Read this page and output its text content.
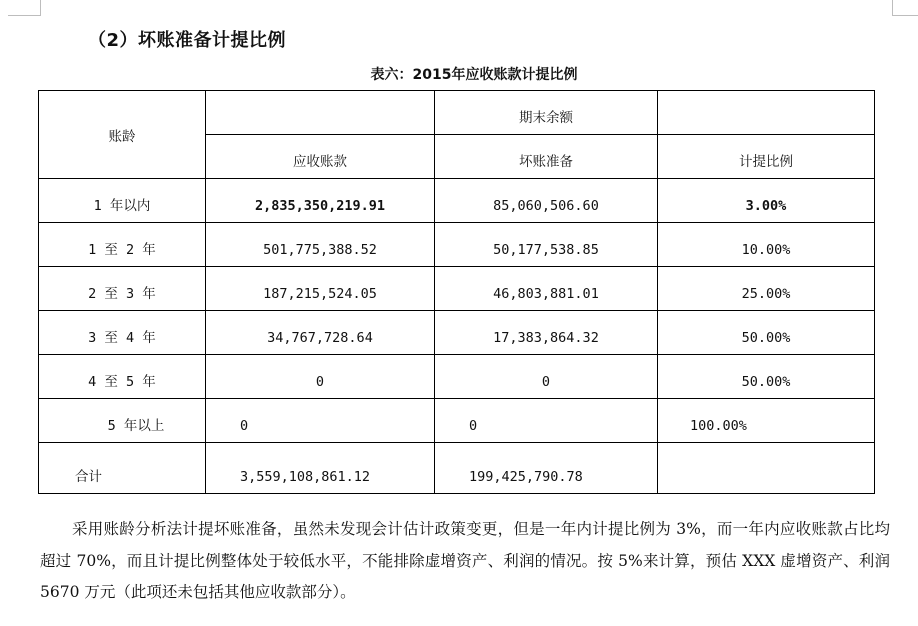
（2）坏账准备计提比例
表六：2015年应收账款计提比例
账龄		期末余额	

	应收账款	坏账准备	计提比例

1 年以内	2,835,350,219.91	85,060,506.60	3.00%

1 至 2 年	501,775,388.52	50,177,538.85	10.00%

2 至 3 年	187,215,524.05	46,803,881.01	25.00%

3 至 4 年	34,767,728.64	17,383,864.32	50.00%

4 至 5 年	0	0	50.00%

5 年以上	0	0	100.00%

合计	3,559,108,861.12	199,425,790.78	

采用账龄分析法计提坏账准备，虽然未发现会计估计政策变更，但是一年内计提比例为 3%，而一年内应收账款占比均超过 70%，而且计提比例整体处于较低水平，不能排除虚增资产、利润的情况。按 5%来计算，预估 XXX 虚增资产、利润 5670 万元（此项还未包括其他应收款部分）。
